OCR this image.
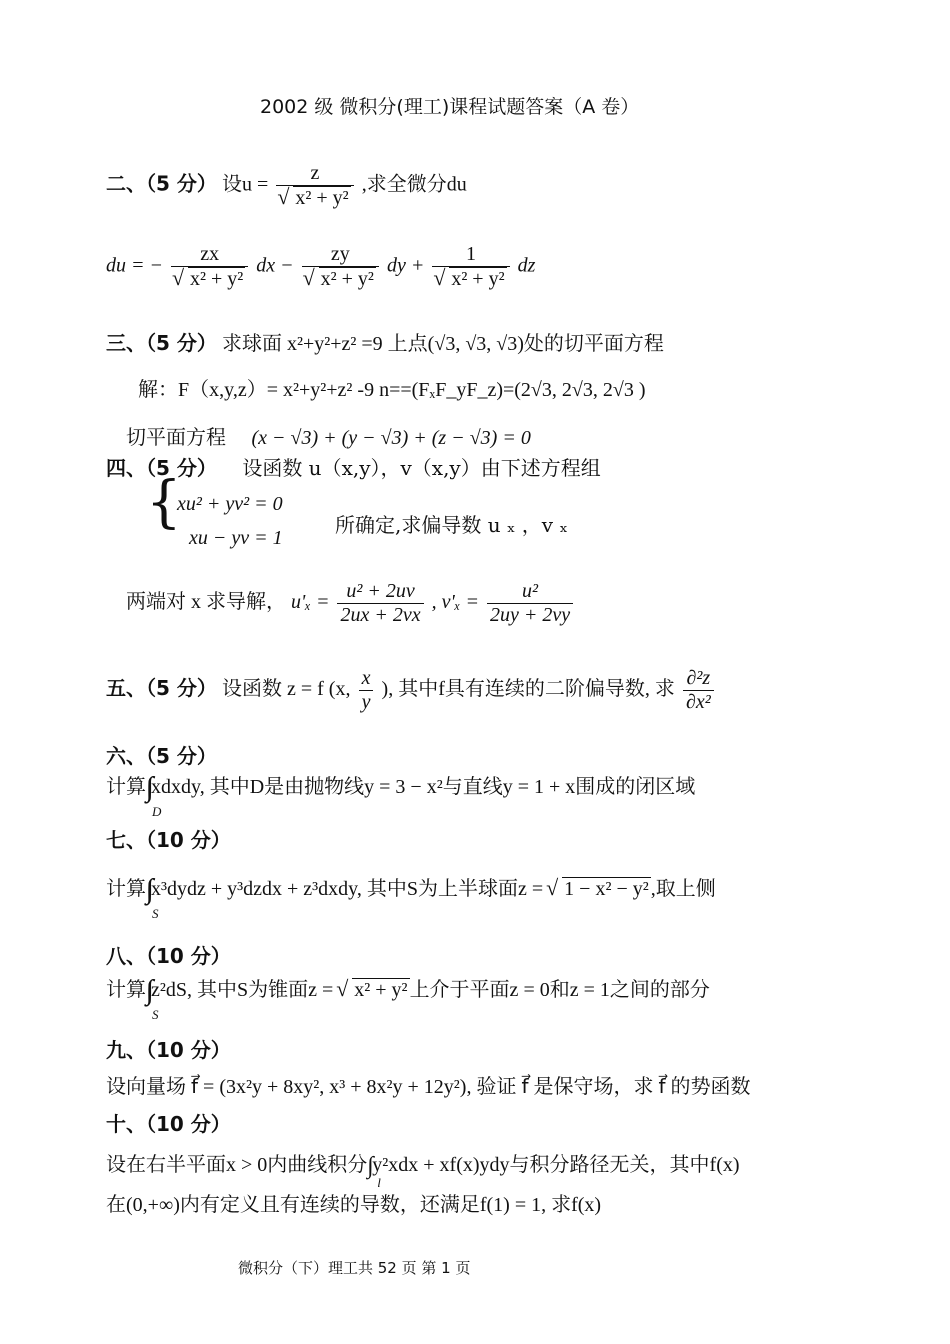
2002 级 微积分(理工)课程试题答案（A 卷）
二、（5 分） 设u = z
√ x² + y² ,求全微分du
du = − zx
√ x² + y² dx − zy
√ x² + y² dy + 1
√ x² + y² dz
三、（5 分） 求球面 x²+y²+z² =9 上点(√3, √3, √3)处的切平面方程
解：F（x,y,z）= x²+y²+z² -9 n==(FₓF_yF_z)=(2√3, 2√3, 2√3 )
切平面方程 (x − √3) + (y − √3) + (z − √3) = 0
四、（5 分） 设函数 u（x,y），v（x,y）由下述方程组
{
xu² + yv² = 0
xu − yv = 1
所确定,求偏导数 u ₓ ，v ₓ
两端对 x 求导解， $u'_x = \frac{\text{u² + 2uv}}{2ux + 2vx}$ , $v'_x = \frac{\text{u²}}{2uy + 2vy}$
五、（5 分） 设函数 z = f (x, $\frac{x}{y}$ ), 其中f具有连续的二阶偏导数, 求 $\frac{\text{∂²z}}{\text{∂x²}}$
六、（5 分）
计算
D
xdxdy, 其中D是由抛物线y = 3 − x²与直线y = 1 + x围成的闭区域
七、（10 分）
计算
S
x³dydz + y³dzdx + z³dxdy, 其中S为上半球面z = √ 1 − x² − y² ,取上侧
八、（10 分）
计算
S
z²dS, 其中S为锥面z = √ x² + y² 上介于平面z = 0和z = 1之间的部分
九、（10 分）
设向量场 f⃗ = (3x²y + 8xy², x³ + 8x²y + 12y²), 验证 f⃗ 是保守场，求 f⃗ 的势函数
十、（10 分）
设在右半平面x > 0内曲线积分
l
y²xdx + xf(x)ydy与积分路径无关，其中f(x)
在(0,+∞)内有定义且有连续的导数，还满足f(1) = 1, 求f(x)
微积分（下）理工共 52 页 第 1 页
